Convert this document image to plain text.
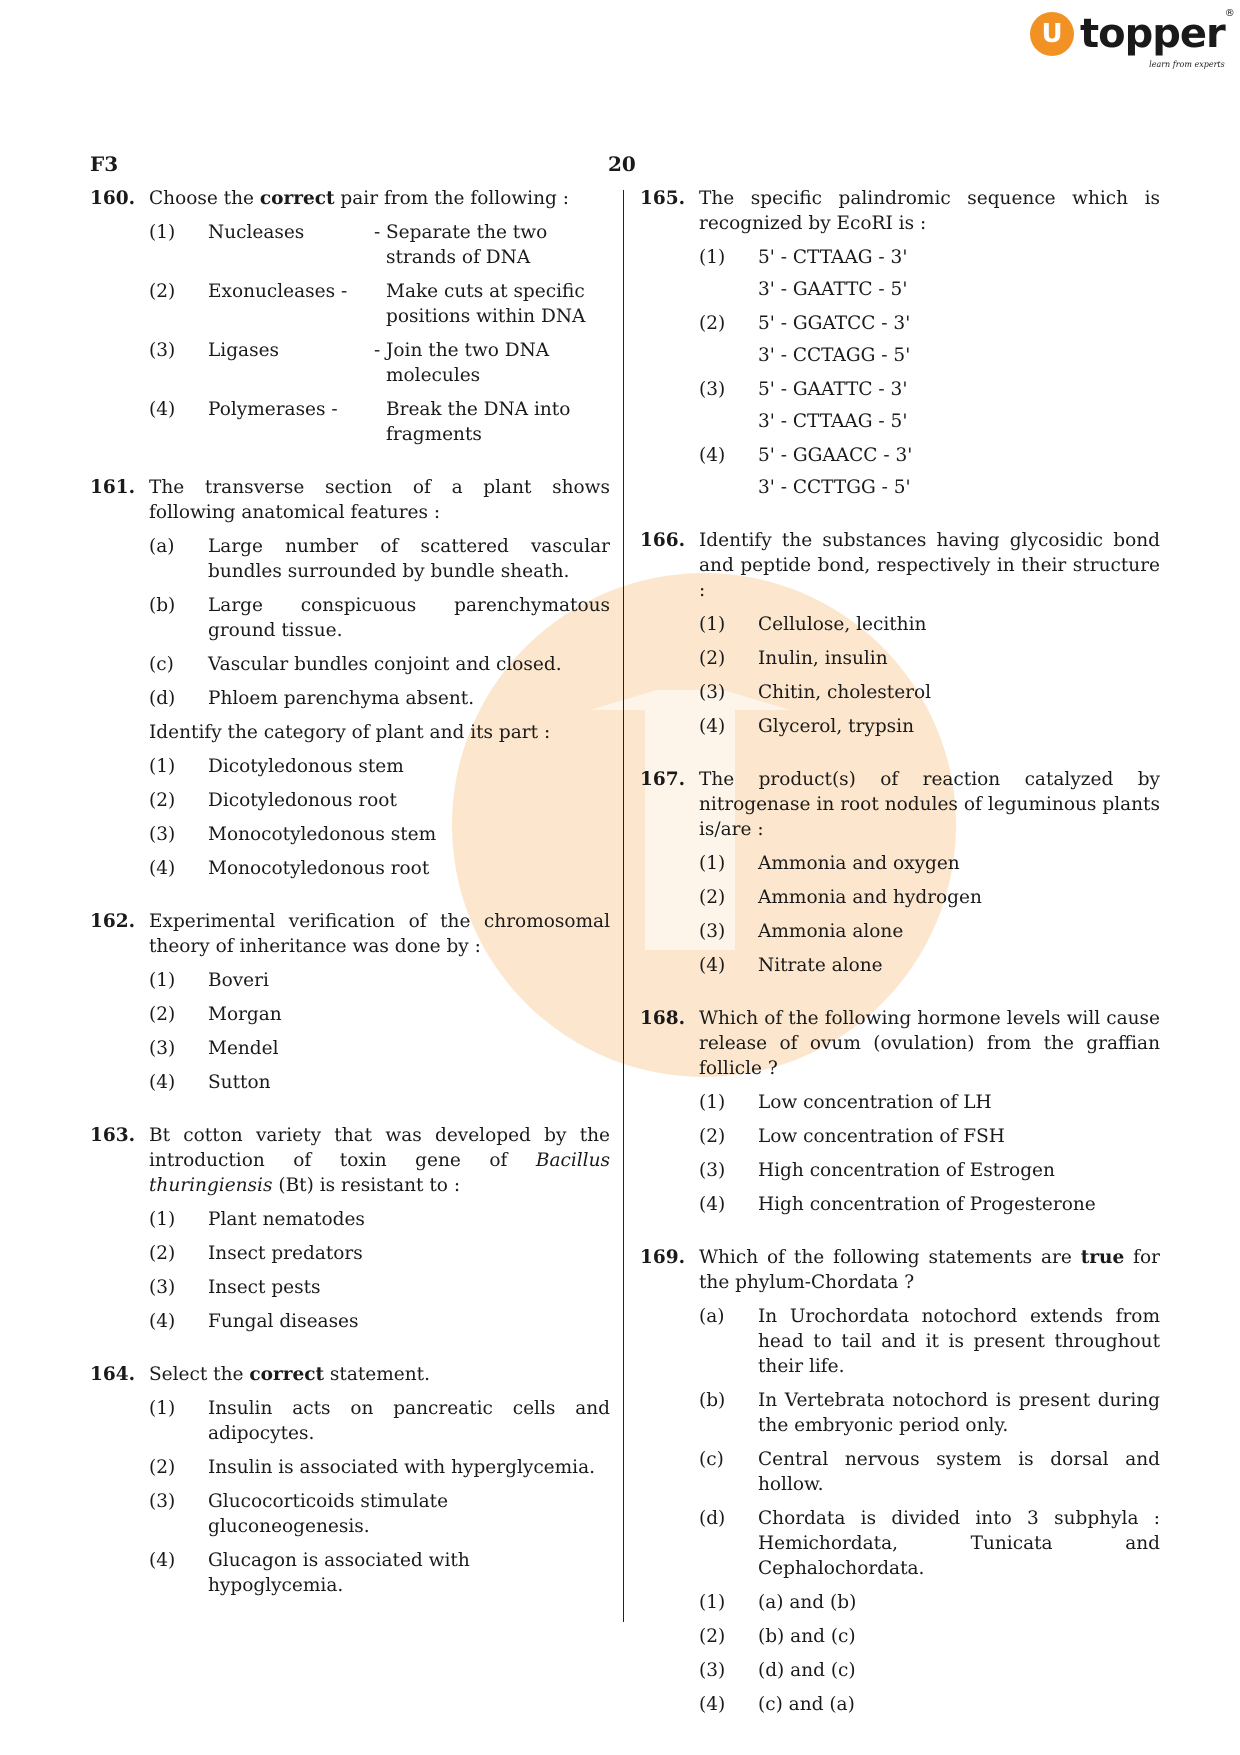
U topper ®
learn from experts
F3	20
160. Choose the correct pair from the following :
(1) Nucleases	- Separate the two strands of DNA
(2) Exonucleases -	Make cuts at specific positions within DNA
(3) Ligases	- Join the two DNA molecules
(4) Polymerases -	Break the DNA into fragments
161. The transverse section of a plant shows following anatomical features :
(a) Large number of scattered vascular bundles surrounded by bundle sheath.
(b) Large conspicuous parenchymatous ground tissue.
(c) Vascular bundles conjoint and closed.
(d) Phloem parenchyma absent.
Identify the category of plant and its part :
(1) Dicotyledonous stem
(2) Dicotyledonous root
(3) Monocotyledonous stem
(4) Monocotyledonous root
162. Experimental verification of the chromosomal theory of inheritance was done by :
(1) Boveri
(2) Morgan
(3) Mendel
(4) Sutton
163. Bt cotton variety that was developed by the introduction of toxin gene of Bacillus thuringiensis (Bt) is resistant to :
(1) Plant nematodes
(2) Insect predators
(3) Insect pests
(4) Fungal diseases
164. Select the correct statement.
(1) Insulin acts on pancreatic cells and adipocytes.
(2) Insulin is associated with hyperglycemia.
(3) Glucocorticoids stimulate gluconeogenesis.
(4) Glucagon is associated with hypoglycemia.
165. The specific palindromic sequence which is recognized by EcoRI is :
(1) 5' - CTTAAG - 3'
3' - GAATTC - 5'
(2) 5' - GGATCC - 3'
3' - CCTAGG - 5'
(3) 5' - GAATTC - 3'
3' - CTTAAG - 5'
(4) 5' - GGAACC - 3'
3' - CCTTGG - 5'
166. Identify the substances having glycosidic bond and peptide bond, respectively in their structure :
(1) Cellulose, lecithin
(2) Inulin, insulin
(3) Chitin, cholesterol
(4) Glycerol, trypsin
167. The product(s) of reaction catalyzed by nitrogenase in root nodules of leguminous plants is/are :
(1) Ammonia and oxygen
(2) Ammonia and hydrogen
(3) Ammonia alone
(4) Nitrate alone
168. Which of the following hormone levels will cause release of ovum (ovulation) from the graffian follicle ?
(1) Low concentration of LH
(2) Low concentration of FSH
(3) High concentration of Estrogen
(4) High concentration of Progesterone
169. Which of the following statements are true for the phylum-Chordata ?
(a) In Urochordata notochord extends from head to tail and it is present throughout their life.
(b) In Vertebrata notochord is present during the embryonic period only.
(c) Central nervous system is dorsal and hollow.
(d) Chordata is divided into 3 subphyla : Hemichordata, Tunicata and Cephalochordata.
(1) (a) and (b)
(2) (b) and (c)
(3) (d) and (c)
(4) (c) and (a)
